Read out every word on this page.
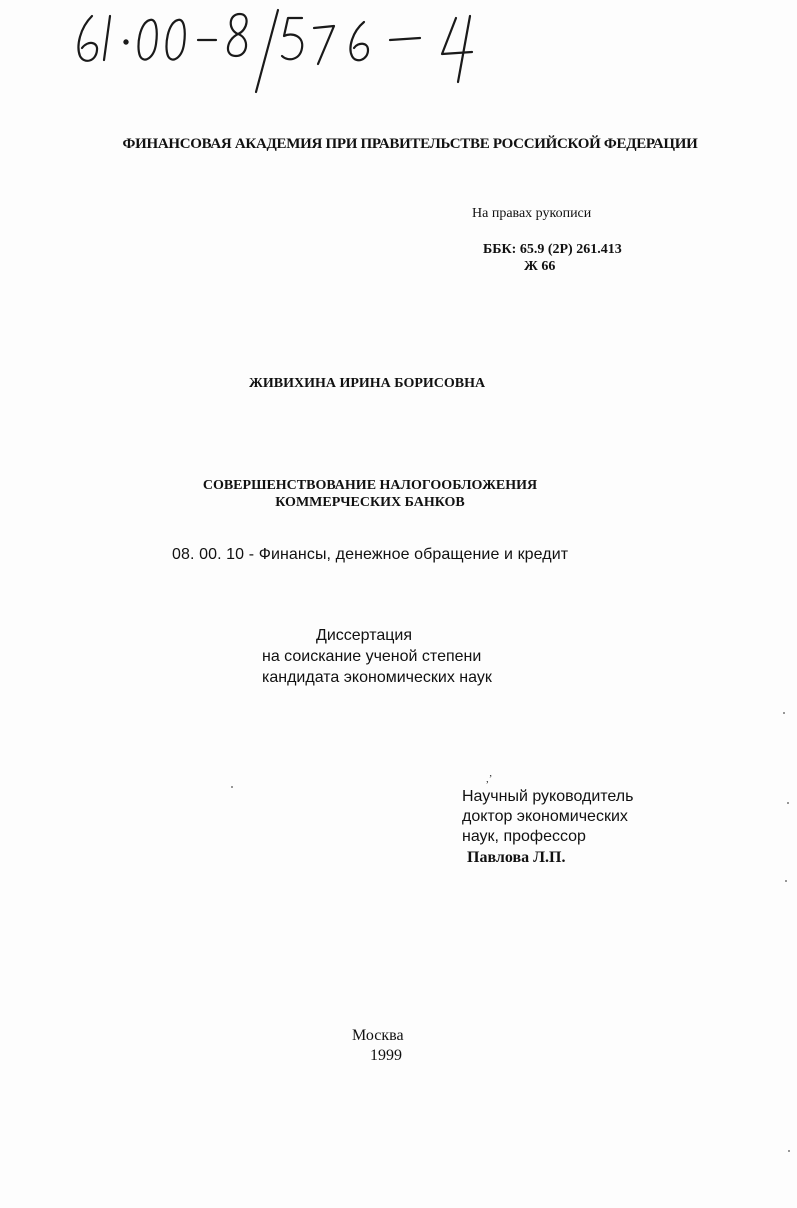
61·00-8/576-4
ФИНАНСОВАЯ АКАДЕМИЯ ПРИ ПРАВИТЕЛЬСТВЕ РОССИЙСКОЙ ФЕДЕРАЦИИ
На правах рукописи
ББК: 65.9 (2Р) 261.413
Ж 66
ЖИВИХИНА ИРИНА БОРИСОВНА
СОВЕРШЕНСТВОВАНИЕ НАЛОГООБЛОЖЕНИЯ
КОММЕРЧЕСКИХ БАНКОВ
08. 00. 10 - Финансы, денежное обращение и кредит
Диссертация
на соискание ученой степени
кандидата экономических наук
,’
Научный руководитель
доктор экономических
наук, профессор
Павлова Л.П.
Москва
1999
